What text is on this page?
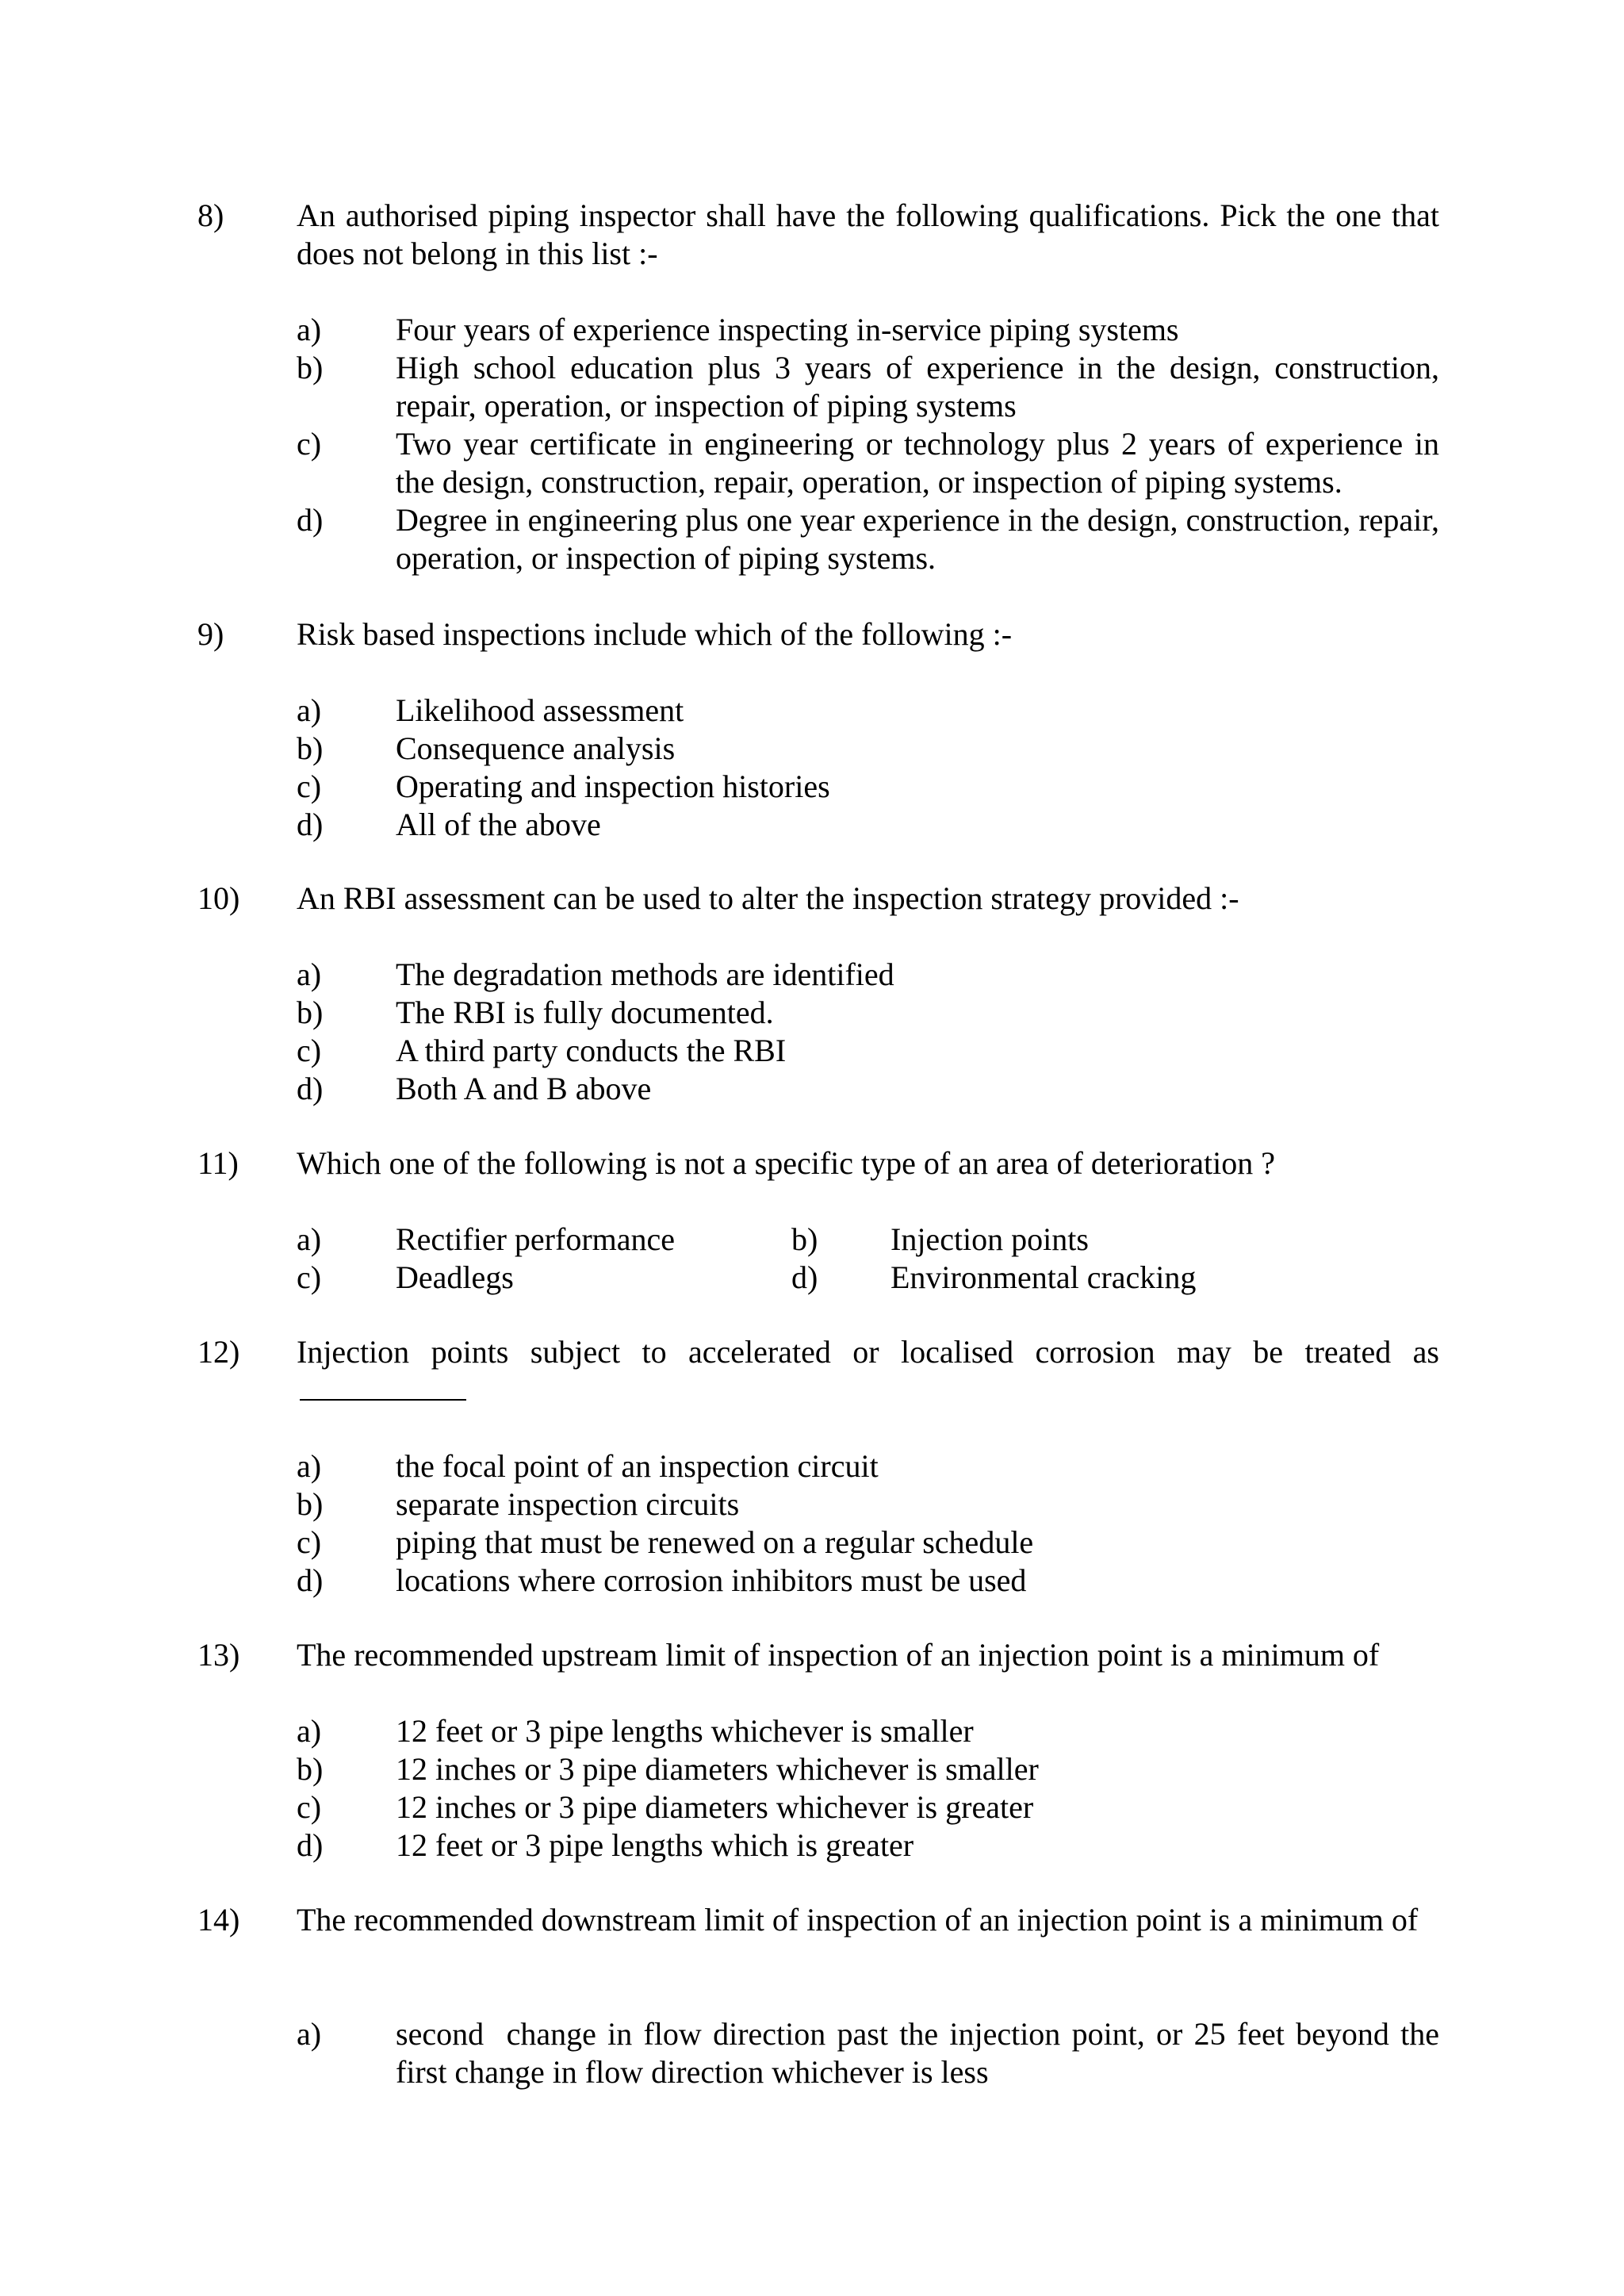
8) An authorised piping inspector shall have the following qualifications. Pick the one that does not belong in this list :-
a) Four years of experience inspecting in-service piping systems
b) High school education plus 3 years of experience in the design, construction, repair, operation, or inspection of piping systems
c) Two year certificate in engineering or technology plus 2 years of experience in the design, construction, repair, operation, or inspection of piping systems.
d) Degree in engineering plus one year experience in the design, construction, repair, operation, or inspection of piping systems.
9) Risk based inspections include which of the following :-
a) Likelihood assessment
b) Consequence analysis
c) Operating and inspection histories
d) All of the above
10) An RBI assessment can be used to alter the inspection strategy provided :-
a) The degradation methods are identified
b) The RBI is fully documented.
c) A third party conducts the RBI
d) Both A and B above
11) Which one of the following is not a specific type of an area of deterioration ?
a) Rectifier performance	b) Injection points
c) Deadlegs	d) Environmental cracking
12) Injection points subject to accelerated or localised corrosion may be treated as
a) the focal point of an inspection circuit
b) separate inspection circuits
c) piping that must be renewed on a regular schedule
d) locations where corrosion inhibitors must be used
13) The recommended upstream limit of inspection of an injection point is a minimum of
a) 12 feet or 3 pipe lengths whichever is smaller
b) 12 inches or 3 pipe diameters whichever is smaller
c) 12 inches or 3 pipe diameters whichever is greater
d) 12 feet or 3 pipe lengths which is greater
14) The recommended downstream limit of inspection of an injection point is a minimum of
a) second  change in flow direction past the injection point, or 25 feet beyond the first change in flow direction whichever is less
